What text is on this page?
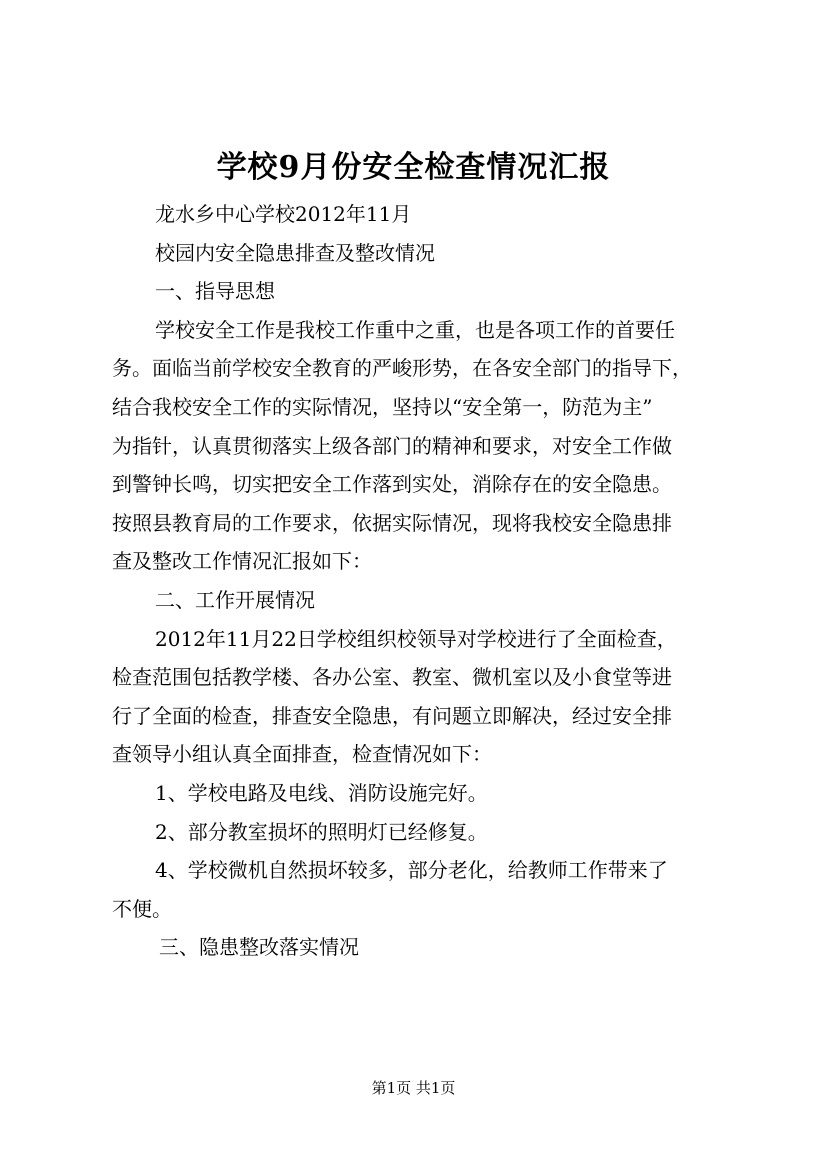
学校9月份安全检查情况汇报
龙水乡中心学校2012年11月
校园内安全隐患排查及整改情况
一、指导思想
学校安全工作是我校工作重中之重，也是各项工作的首要任
务。面临当前学校安全教育的严峻形势，在各安全部门的指导下，
结合我校安全工作的实际情况，坚持以“安全第一，防范为主”
为指针，认真贯彻落实上级各部门的精神和要求，对安全工作做
到警钟长鸣，切实把安全工作落到实处，消除存在的安全隐患。
按照县教育局的工作要求，依据实际情况，现将我校安全隐患排
查及整改工作情况汇报如下：
二、工作开展情况
2012年11月22日学校组织校领导对学校进行了全面检查，
检查范围包括教学楼、各办公室、教室、微机室以及小食堂等进
行了全面的检查，排查安全隐患，有问题立即解决，经过安全排
查领导小组认真全面排查，检查情况如下：
1、学校电路及电线、消防设施完好。
2、部分教室损坏的照明灯已经修复。
4、学校微机自然损坏较多，部分老化，给教师工作带来了
不便。
三、隐患整改落实情况
第1页 共1页
